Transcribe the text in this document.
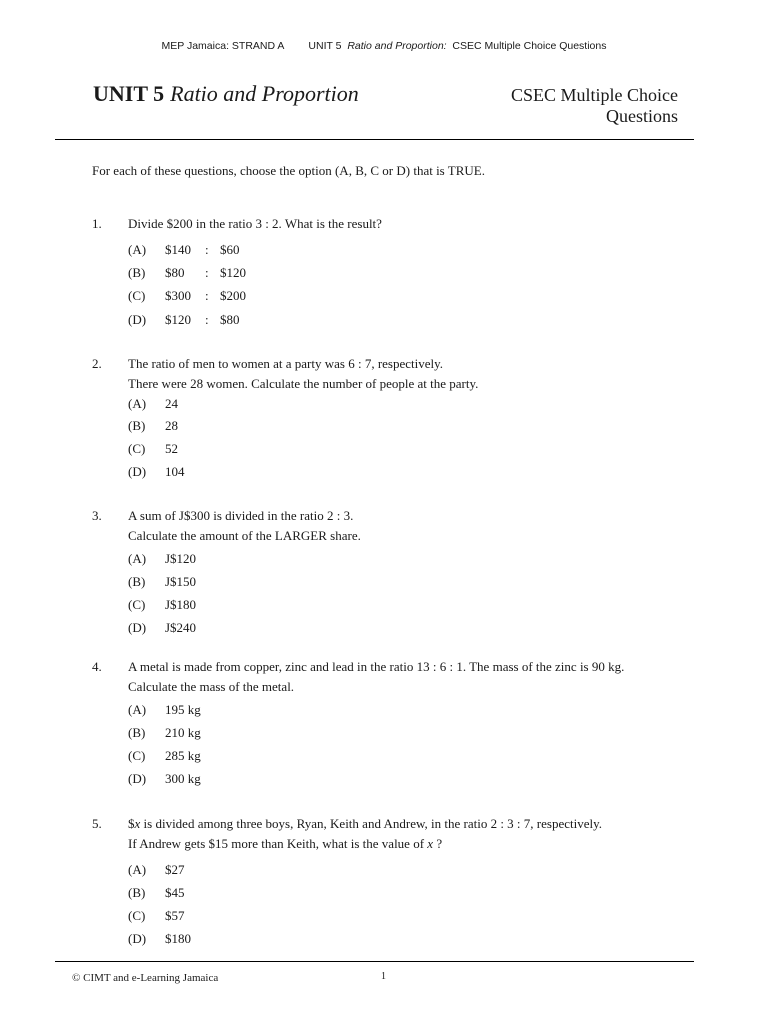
MEP Jamaica: STRAND A UNIT 5 Ratio and Proportion: CSEC Multiple Choice Questions
UNIT 5 Ratio and Proportion	CSEC Multiple Choice
Questions
For each of these questions, choose the option (A, B, C or D) that is TRUE.
1. Divide $200 in the ratio 3 : 2. What is the result?
(A) $140 : $60
(B) $80 : $120
(C) $300 : $200
(D) $120 : $80
2. The ratio of men to women at a party was 6 : 7, respectively.
There were 28 women. Calculate the number of people at the party.
(A) 24
(B) 28
(C) 52
(D) 104
3. A sum of J$300 is divided in the ratio 2 : 3.
Calculate the amount of the LARGER share.
(A) J$120
(B) J$150
(C) J$180
(D) J$240
4. A metal is made from copper, zinc and lead in the ratio 13 : 6 : 1. The mass of the zinc is 90 kg.
Calculate the mass of the metal.
(A) 195 kg
(B) 210 kg
(C) 285 kg
(D) 300 kg
5. $x is divided among three boys, Ryan, Keith and Andrew, in the ratio 2 : 3 : 7, respectively.
If Andrew gets $15 more than Keith, what is the value of x ?
(A) $27
(B) $45
(C) $57
(D) $180
© CIMT and e-Learning Jamaica	1
